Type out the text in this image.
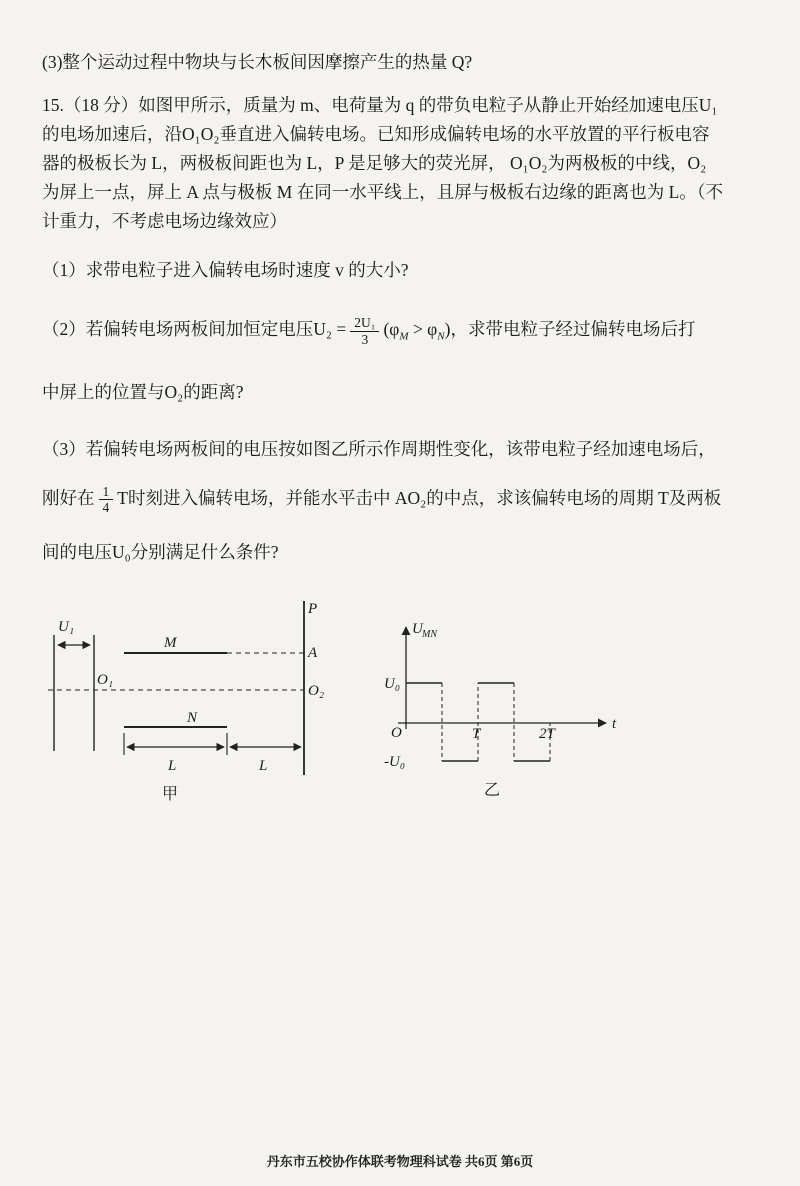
(3)整个运动过程中物块与长木板间因摩擦产生的热量 Q?
15.（18 分）如图甲所示，质量为 m、电荷量为 q 的带负电粒子从静止开始经加速电压U₁
的电场加速后，沿O₁O₂垂直进入偏转电场。已知形成偏转电场的水平放置的平行板电容
器的极板长为 L，两极板间距也为 L，P 是足够大的荧光屏， O₁O₂为两极板的中线，O₂
为屏上一点，屏上 A 点与极板 M 在同一水平线上，且屏与极板右边缘的距离也为 L。（不
计重力，不考虑电场边缘效应）
（1）求带电粒子进入偏转电场时速度 v 的大小?
（2）若偏转电场两板间加恒定电压$U_2 = \frac{\text{2U₁}}{3} (\varphi_M > \varphi_N)$，求带电粒子经过偏转电场后打
中屏上的位置与O₂的距离?
（3）若偏转电场两板间的电压按如图乙所示作周期性变化，该带电粒子经加速电场后，
刚好在 $\frac{1}{4}$ T时刻进入偏转电场，并能水平击中 AO₂的中点，求该偏转电场的周期 T及两板
间的电压U₀分别满足什么条件?
P
U₁
M
A
O₁
O₂
N
L	L
甲
U MN
t
O
U₀
-U₀
T	2T
乙
丹东市五校协作体联考物理科试卷 共6页 第6页
